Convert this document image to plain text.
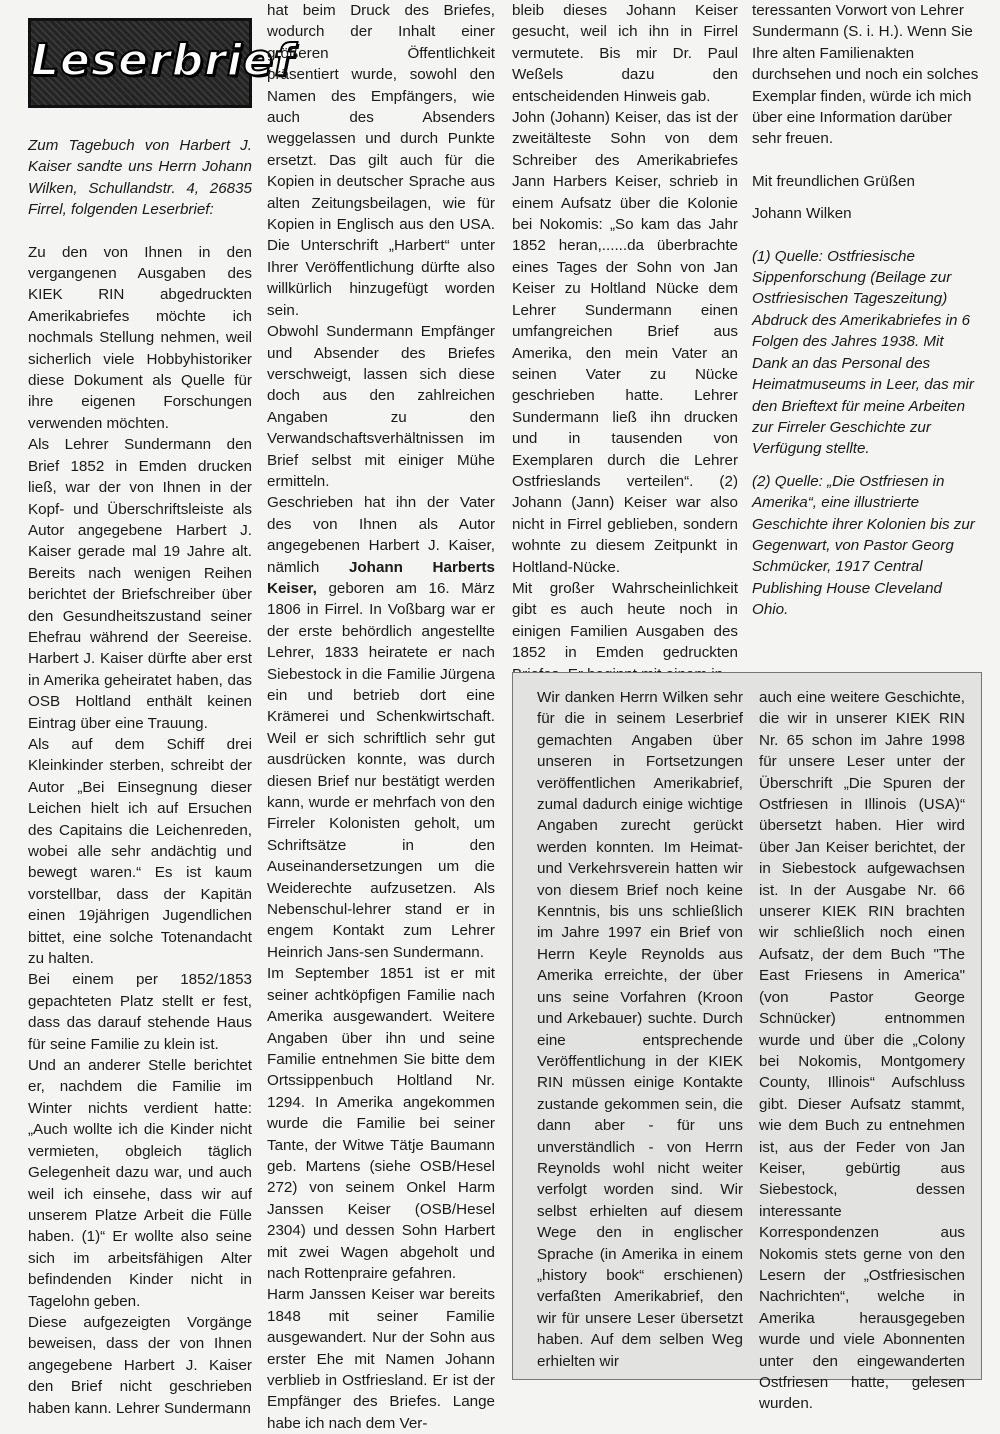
Leserbrief

Zum Tagebuch von Harbert J. Kaiser sandte uns Herrn Johann Wilken, Schullandstr. 4, 26835 Firrel, folgenden Leserbrief:

Zu den von Ihnen in den vergangenen Ausgaben des KIEK RIN abgedruckten Amerikabriefes möchte ich nochmals Stellung nehmen, weil sicherlich viele Hobbyhistoriker diese Dokument als Quelle für ihre eigenen Forschungen verwenden möchten.

Als Lehrer Sundermann den Brief 1852 in Emden drucken ließ, war der von Ihnen in der Kopf- und Überschriftsleiste als Autor angegebene Harbert J. Kaiser gerade mal 19 Jahre alt. Bereits nach wenigen Reihen berichtet der Briefschreiber über den Gesundheitszustand seiner Ehefrau während der Seereise. Harbert J. Kaiser dürfte aber erst in Amerika geheiratet haben, das OSB Holtland enthält keinen Eintrag über eine Trauung.

Als auf dem Schiff drei Kleinkinder sterben, schreibt der Autor „Bei Einsegnung dieser Leichen hielt ich auf Ersuchen des Capitains die Leichenreden, wobei alle sehr andächtig und bewegt waren.“ Es ist kaum vorstellbar, dass der Kapitän einen 19jährigen Jugendlichen bittet, eine solche Totenandacht zu halten.

Bei einem per 1852/1853 gepachteten Platz stellt er fest, dass das darauf stehende Haus für seine Familie zu klein ist.

Und an anderer Stelle berichtet er, nachdem die Familie im Winter nichts verdient hatte: „Auch wollte ich die Kinder nicht vermieten, obgleich täglich Gelegenheit dazu war, und auch weil ich einsehe, dass wir auf unserem Platze Arbeit die Fülle haben. (1)“ Er wollte also seine sich im arbeitsfähigen Alter befindenden Kinder nicht in Tagelohn geben.

Diese aufgezeigten Vorgänge beweisen, dass der von Ihnen angegebene Harbert J. Kaiser den Brief nicht geschrieben haben kann. Lehrer Sundermann

hat beim Druck des Briefes, wodurch der Inhalt einer größeren Öffentlichkeit präsentiert wurde, sowohl den Namen des Empfängers, wie auch des Absenders weggelassen und durch Punkte ersetzt. Das gilt auch für die Kopien in deutscher Sprache aus alten Zeitungsbeilagen, wie für Kopien in Englisch aus den USA. Die Unterschrift „Harbert“ unter Ihrer Veröffentlichung dürfte also willkürlich hinzugefügt worden sein.

Obwohl Sundermann Empfänger und Absender des Briefes verschweigt, lassen sich diese doch aus den zahlreichen Angaben zu den Verwandschaftsverhältnissen im Brief selbst mit einiger Mühe ermitteln.

Geschrieben hat ihn der Vater des von Ihnen als Autor angegebenen Harbert J. Kaiser, nämlich Johann Harberts Keiser, geboren am 16. März 1806 in Firrel. In Voßbarg war er der erste behördlich angestellte Lehrer, 1833 heiratete er nach Siebestock in die Familie Jürgena ein und betrieb dort eine Krämerei und Schenkwirtschaft. Weil er sich schriftlich sehr gut ausdrücken konnte, was durch diesen Brief nur bestätigt werden kann, wurde er mehrfach von den Firreler Kolonisten geholt, um Schriftsätze in den Auseinandersetzungen um die Weiderechte aufzusetzen. Als Nebenschul-lehrer stand er in engem Kontakt zum Lehrer Heinrich Jans-sen Sundermann.

Im September 1851 ist er mit seiner achtköpfigen Familie nach Amerika ausgewandert. Weitere Angaben über ihn und seine Familie entnehmen Sie bitte dem Ortssippenbuch Holtland Nr. 1294. In Amerika angekommen wurde die Familie bei seiner Tante, der Witwe Tätje Baumann geb. Martens (siehe OSB/Hesel 272) von seinem Onkel Harm Janssen Keiser (OSB/Hesel 2304) und dessen Sohn Harbert mit zwei Wagen abgeholt und nach Rottenpraire gefahren.

Harm Janssen Keiser war bereits 1848 mit seiner Familie ausgewandert. Nur der Sohn aus erster Ehe mit Namen Johann verblieb in Ostfriesland. Er ist der Empfänger des Briefes. Lange habe ich nach dem Ver-

bleib dieses Johann Keiser gesucht, weil ich ihn in Firrel vermutete. Bis mir Dr. Paul Weßels dazu den entscheidenden Hinweis gab.

John (Johann) Keiser, das ist der zweitälteste Sohn von dem Schreiber des Amerikabriefes Jann Harbers Keiser, schrieb in einem Aufsatz über die Kolonie bei Nokomis: „So kam das Jahr 1852 heran,......da überbrachte eines Tages der Sohn von Jan Keiser zu Holtland Nücke dem Lehrer Sundermann einen umfangreichen Brief aus Amerika, den mein Vater an seinen Vater zu Nücke geschrieben hatte. Lehrer Sundermann ließ ihn drucken und in tausenden von Exemplaren durch die Lehrer Ostfrieslands verteilen“. (2) Johann (Jann) Keiser war also nicht in Firrel geblieben, sondern wohnte zu diesem Zeitpunkt in Holtland-Nücke.

Mit großer Wahrscheinlichkeit gibt es auch heute noch in einigen Familien Ausgaben des 1852 in Emden gedruckten

teressanten Vorwort von Lehrer Sundermann (S. i. H.). Wenn Sie Ihre alten Familienakten durchsehen und noch ein solches Exemplar finden, würde ich mich über eine Information darüber sehr freuen.

Mit freundlichen Grüßen

Johann Wilken

(1) Quelle: Ostfriesische Sippenforschung (Beilage zur Ostfriesischen Tageszeitung) Abdruck des Amerikabriefes in 6 Folgen des Jahres 1938. Mit Dank an das Personal des Heimatmuseums in Leer, das mir den Brieftext für meine Arbeiten zur Firreler Geschichte zur Verfügung stellte.

(2) Quelle: „Die Ostfriesen in Amerika“, eine illustrierte Geschichte ihrer Kolonien bis zur Gegenwart, von Pastor Georg Schmücker, 1917 Central Publishing House Cleveland Ohio.

Wir danken Herrn Wilken sehr für die in seinem Leserbrief gemachten Angaben über unseren in Fortsetzungen veröffentlichen Amerikabrief, zumal dadurch einige wichtige Angaben zurecht gerückt werden konnten. Im Heimat- und Verkehrsverein hatten wir von diesem Brief noch keine Kenntnis, bis uns schließlich im Jahre 1997 ein Brief von Herrn Keyle Reynolds aus Amerika erreichte, der über uns seine Vorfahren (Kroon und Arkebauer) suchte. Durch eine entsprechende Veröffentlichung in der KIEK RIN müssen einige Kontakte zustande gekommen sein, die dann aber - für uns unverständlich - von Herrn Reynolds wohl nicht weiter verfolgt worden sind. Wir selbst erhielten auf diesem Wege den in englischer Sprache (in Amerika in einem „history book“ erschienen) verfaßten Amerikabrief, den wir für unsere Leser übersetzt haben. Auf dem selben Weg erhielten wir

auch eine weitere Geschichte, die wir in unserer KIEK RIN Nr. 65 schon im Jahre 1998 für unsere Leser unter der Überschrift „Die Spuren der Ostfriesen in Illinois (USA)“ übersetzt haben. Hier wird über Jan Keiser berichtet, der in Siebestock aufgewachsen ist. In der Ausgabe Nr. 66 unserer KIEK RIN brachten wir schließlich noch einen Aufsatz, der dem Buch "The East Friesens in America" (von Pastor George Schnücker) entnommen wurde und über die „Colony bei Nokomis, Montgomery County, Illinois“ Aufschluss gibt. Dieser Aufsatz stammt, wie dem Buch zu entnehmen ist, aus der Feder von Jan Keiser, gebürtig aus Siebestock, dessen interessante Korrespondenzen aus Nokomis stets gerne von den Lesern der „Ostfriesischen Nachrichten“, welche in Amerika herausgegeben wurde und viele Abonnenten unter den eingewanderten Ostfriesen hatte, gelesen wurden.
